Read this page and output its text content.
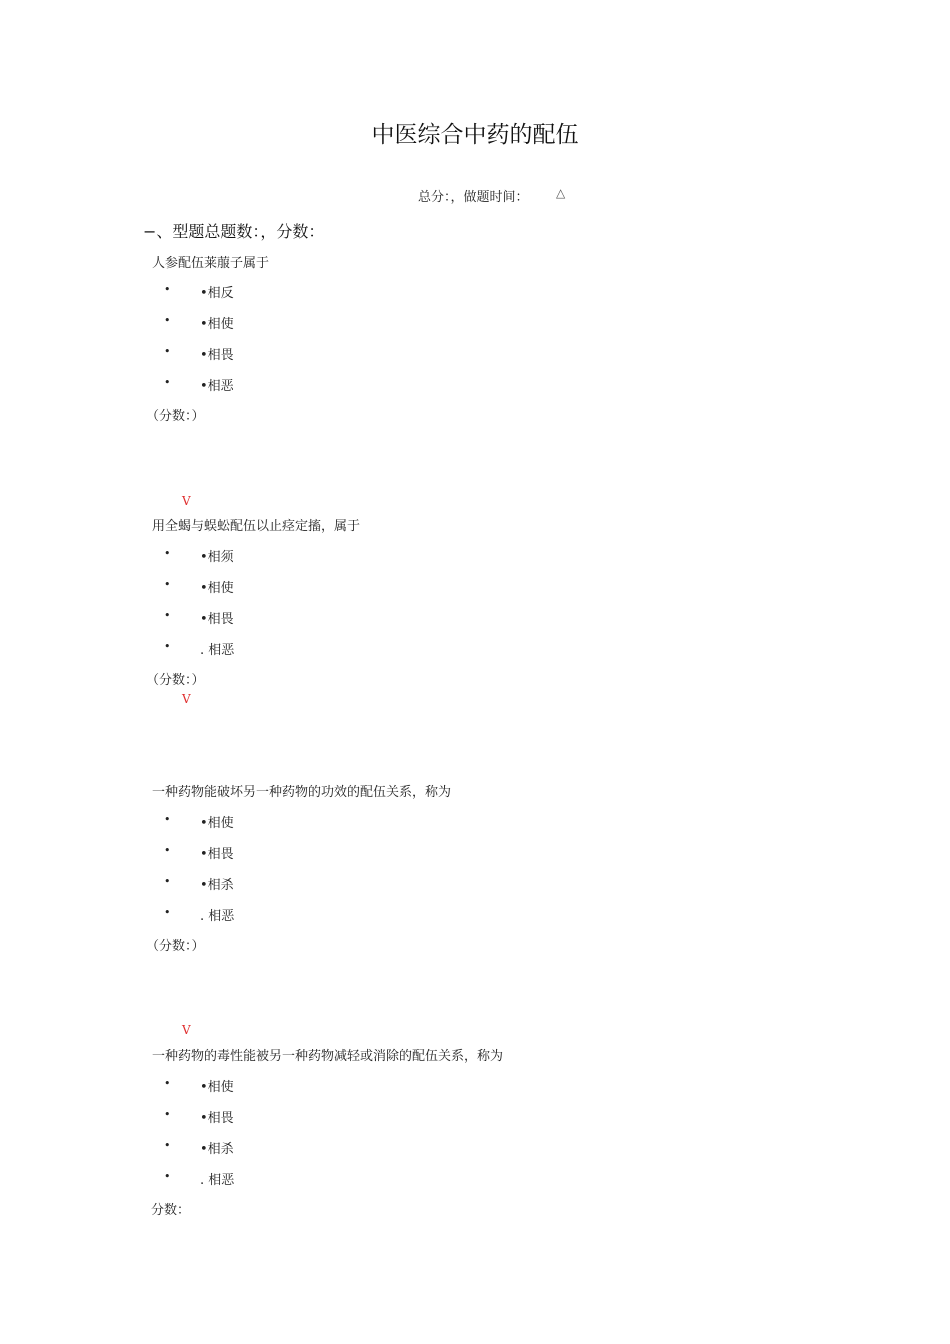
中医综合中药的配伍
总分：，做题时间： △
−、型题总题数：，分数：
人参配伍莱菔子属于
• •相反
• •相使
• •相畏
• •相恶
（分数：）
V
用全蝎与蜈蚣配伍以止痉定搐，属于
• •相须
• •相使
• •相畏
• . 相恶
（分数：）
V
一种药物能破坏另一种药物的功效的配伍关系，称为
• •相使
• •相畏
• •相杀
• . 相恶
（分数：）
V
一种药物的毒性能被另一种药物减轻或消除的配伍关系，称为
• •相使
• •相畏
• •相杀
• . 相恶
分数：
